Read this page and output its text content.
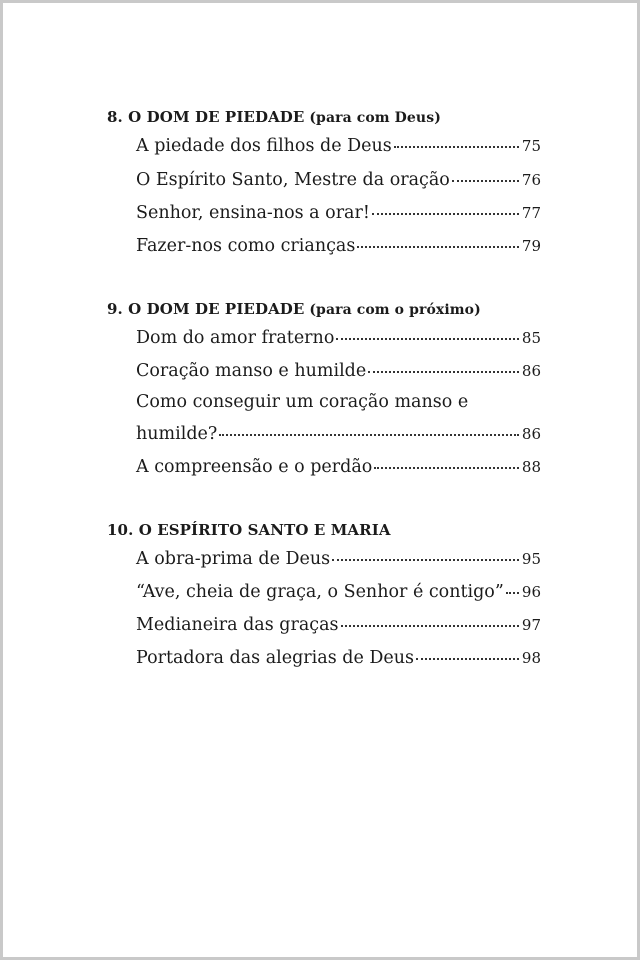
8. O DOM DE PIEDADE (para com Deus)
A piedade dos filhos de Deus	75
O Espírito Santo, Mestre da oração	76
Senhor, ensina-nos a orar!	77
Fazer-nos como crianças	79
9. O DOM DE PIEDADE (para com o próximo)
Dom do amor fraterno	85
Coração manso e humilde	86
Como conseguir um coração manso e
humilde?	86
A compreensão e o perdão	88
10. O ESPÍRITO SANTO E MARIA
A obra-prima de Deus	95
“Ave, cheia de graça, o Senhor é contigo” 96
Medianeira das graças	97
Portadora das alegrias de Deus	98
